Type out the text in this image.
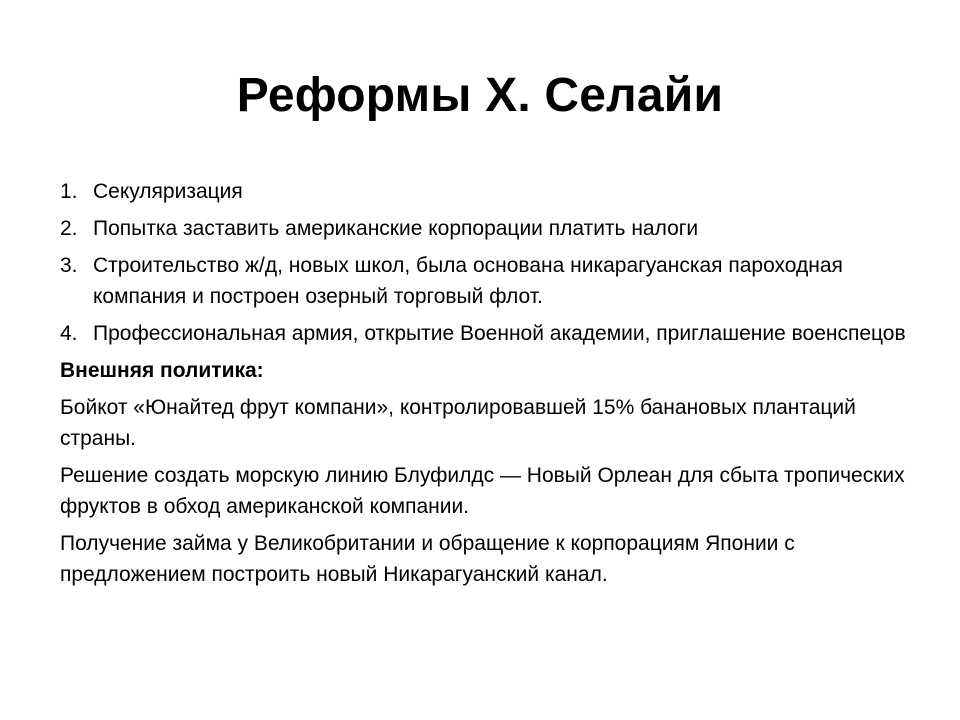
Реформы Х. Селайи
1. Секуляризация
2. Попытка заставить американские корпорации платить налоги
3. Строительство ж/д, новых школ, была основана никарагуанская пароходная компания и построен озерный торговый флот.
4. Профессиональная армия, открытие Военной академии, приглашение военспецов
Внешняя политика:

Бойкот «Юнайтед фрут компани», контролировавшей 15% банановых плантаций страны.

Решение создать морскую линию Блуфилдс — Новый Орлеан для сбыта тропических фруктов в обход американской компании.

Получение займа у Великобритании и обращение к корпорациям Японии с предложением построить новый Никарагуанский канал.
